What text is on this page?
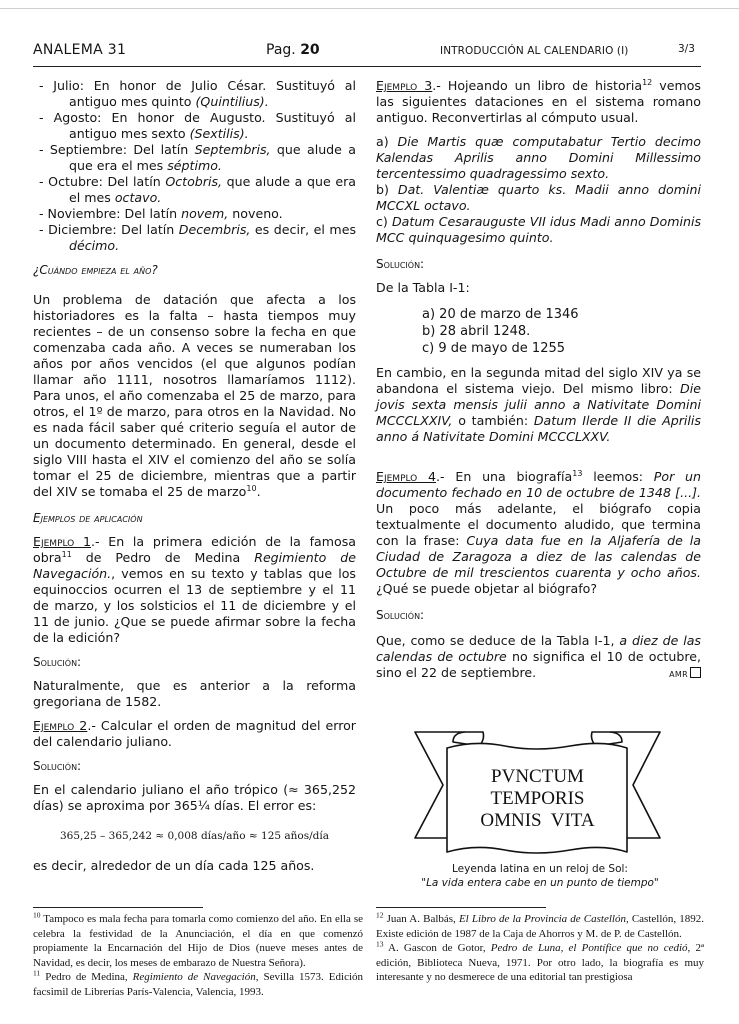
ANALEMA 31	Pag. 20	INTRODUCCIÓN AL CALENDARIO (I)	3/3

- Julio: En honor de Julio César. Sustituyó al antiguo mes quinto (Quintilius).

- Agosto: En honor de Augusto. Sustituyó al antiguo mes sexto (Sextilis).

- Septiembre: Del latín Septembris, que alude a que era el mes séptimo.

- Octubre: Del latín Octobris, que alude a que era el mes octavo.

- Noviembre: Del latín novem, noveno.

- Diciembre: Del latín Decembris, es decir, el mes décimo.

¿Cuándo empieza el año?

Un problema de datación que afecta a los historiadores es la falta – hasta tiempos muy recientes – de un consenso sobre la fecha en que comenzaba cada año. A veces se numeraban los años por años vencidos (el que algunos podían llamar año 1111, nosotros llamaríamos 1112). Para unos, el año comenzaba el 25 de marzo, para otros, el 1º de marzo, para otros en la Navidad. No es nada fácil saber qué criterio seguía el autor de un documento determinado. En general, desde el siglo VIII hasta el XIV el comienzo del año se solía tomar el 25 de diciembre, mientras que a partir del XIV se tomaba el 25 de marzo$^{10}$.

Ejemplos de aplicación

Ejemplo 1.- En la primera edición de la famosa obra$^{11}$ de Pedro de Medina Regimiento de Navegación., vemos en su texto y tablas que los equinoccios ocurren el 13 de septiembre y el 11 de marzo, y los solsticios el 11 de diciembre y el 11 de junio. ¿Que se puede afirmar sobre la fecha de la edición?

Solución:

Naturalmente, que es anterior a la reforma gregoriana de 1582.

Ejemplo 2.- Calcular el orden de magnitud del error del calendario juliano.

Solución:

En el calendario juliano el año trópico (≈ 365,252 días) se aproxima por 365¼ días. El error es:

365,25 – 365,242 ≈ 0,008 días/año ≈ 125 años/día

es decir, alrededor de un día cada 125 años.

$^{10}$ Tampoco es mala fecha para tomarla como comienzo del año. En ella se celebra la festividad de la Anunciación, el día en que comenzó propiamente la Encarnación del Hijo de Dios (nueve meses antes de Navidad, es decir, los meses de embarazo de Nuestra Señora).

$^{11}$ Pedro de Medina, Regimiento de Navegación, Sevilla 1573. Edición facsimil de Librerías París-Valencia, Valencia, 1993.

Ejemplo 3.- Hojeando un libro de historia$^{12}$ vemos las siguientes dataciones en el sistema romano antiguo. Reconvertirlas al cómputo usual.

a) Die Martis quæ computabatur Tertio decimo Kalendas Aprilis anno Domini Millessimo tercentessimo quadragessimo sexto.

b) Dat. Valentiæ quarto ks. Madii anno domini MCCXL octavo.

c) Datum Cesarauguste VII idus Madi anno Dominis MCC quinquagesimo quinto.

Solución:

De la Tabla I-1:

a) 20 de marzo de 1346

b) 28 abril 1248.

c) 9 de mayo de 1255

En cambio, en la segunda mitad del siglo XIV ya se abandona el sistema viejo. Del mismo libro: Die jovis sexta mensis julii anno a Nativitate Domini MCCCLXXIV, o también: Datum Ilerde II die Aprilis anno á Nativitate Domini MCCCLXXV.

Ejemplo 4.- En una biografía$^{13}$ leemos: Por un documento fechado en 10 de octubre de 1348 [...]. Un poco más adelante, el biógrafo copia textualmente el documento aludido, que termina con la frase: Cuya data fue en la Aljafería de la Ciudad de Zaragoza a diez de las calendas de Octubre de mil trescientos cuarenta y ocho años. ¿Qué se puede objetar al biógrafo?

Solución:

Que, como se deduce de la Tabla I-1, a diez de las calendas de octubre no significa el 10 de octubre, sino el 22 de septiembre.	AMR

PVNCTUM
TEMPORIS
OMNIS  VITA

Leyenda latina en un reloj de Sol:

"La vida entera cabe en un punto de tiempo"

$^{12}$ Juan A. Balbás, El Libro de la Provincia de Castellón, Castellón, 1892. Existe edición de 1987 de la Caja de Ahorros y M. de P. de Castellón.

$^{13}$ A. Gascon de Gotor, Pedro de Luna, el Pontífice que no cedió, 2ª edición, Biblioteca Nueva, 1971. Por otro lado, la biografía es muy interesante y no desmerece de una editorial tan prestigiosa
